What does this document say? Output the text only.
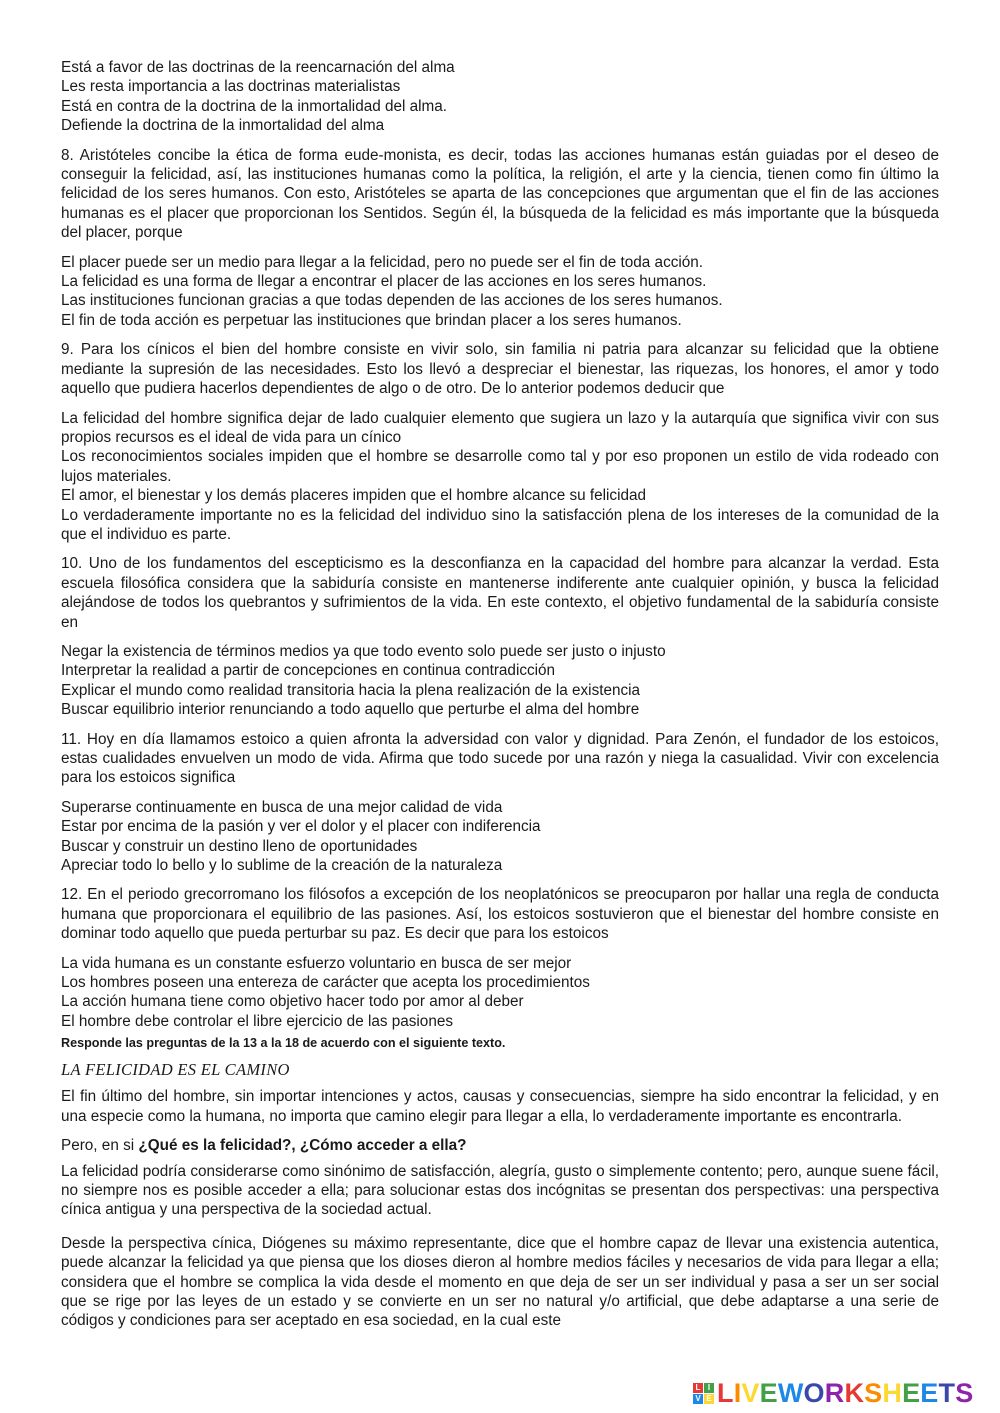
Está a favor de las doctrinas de la reencarnación del alma
Les resta importancia a las doctrinas materialistas
Está en contra de la doctrina de la inmortalidad del alma.
Defiende la doctrina de la inmortalidad del alma
8. Aristóteles concibe la ética de forma eude-monista, es decir, todas las acciones humanas están guiadas por el deseo de conseguir la felicidad, así, las instituciones humanas como la política, la religión, el arte y la ciencia, tienen como fin último la felicidad de los seres humanos. Con esto, Aristóteles se aparta de las concepciones que argumentan que el fin de las acciones humanas es el placer que proporcionan los Sentidos. Según él, la búsqueda de la felicidad es más importante que la búsqueda del placer, porque
El placer puede ser un medio para llegar a la felicidad, pero no puede ser el fin de toda acción.
La felicidad es una forma de llegar a encontrar el placer de las acciones en los seres humanos.
Las instituciones funcionan gracias a que todas dependen de las acciones de los seres humanos.
El fin de toda acción es perpetuar las instituciones que brindan placer a los seres humanos.
9. Para los cínicos el bien del hombre consiste en vivir solo, sin familia ni patria para alcanzar su felicidad que la obtiene mediante la supresión de las necesidades. Esto los llevó a despreciar el bienestar, las riquezas, los honores, el amor y todo aquello que pudiera hacerlos dependientes de algo o de otro. De lo anterior podemos deducir que
La felicidad del hombre significa dejar de lado cualquier elemento que sugiera un lazo y la autarquía que significa vivir con sus propios recursos es el ideal de vida para un cínico
Los reconocimientos sociales impiden que el hombre se desarrolle como tal y por eso proponen un estilo de vida rodeado con lujos materiales.
El amor, el bienestar y los demás placeres impiden que el hombre alcance su felicidad
Lo verdaderamente importante no es la felicidad del individuo sino la satisfacción plena de los intereses de la comunidad de la que el individuo es parte.
10. Uno de los fundamentos del escepticismo es la desconfianza en la capacidad del hombre para alcanzar la verdad. Esta escuela filosófica considera que la sabiduría consiste en mantenerse indiferente ante cualquier opinión, y busca la felicidad alejándose de todos los quebrantos y sufrimientos de la vida. En este contexto, el objetivo fundamental de la sabiduría consiste en
Negar la existencia de términos medios ya que todo evento solo puede ser justo o injusto
Interpretar la realidad a partir de concepciones en continua contradicción
Explicar el mundo como realidad transitoria hacia la plena realización de la existencia
Buscar equilibrio interior renunciando a todo aquello que perturbe el alma del hombre
11. Hoy en día llamamos estoico a quien afronta la adversidad con valor y dignidad. Para Zenón, el fundador de los estoicos, estas cualidades envuelven un modo de vida. Afirma que todo sucede por una razón y niega la casualidad. Vivir con excelencia para los estoicos significa
Superarse continuamente en busca de una mejor calidad de vida
Estar por encima de la pasión y ver el dolor y el placer con indiferencia
Buscar y construir un destino lleno de oportunidades
Apreciar todo lo bello y lo sublime de la creación de la naturaleza
12. En el periodo grecorromano los filósofos a excepción de los neoplatónicos se preocuparon por hallar una regla de conducta humana que proporcionara el equilibrio de las pasiones. Así, los estoicos sostuvieron que el bienestar del hombre consiste en dominar todo aquello que pueda perturbar su paz. Es decir que para los estoicos
La vida humana es un constante esfuerzo voluntario en busca de ser mejor
Los hombres poseen una entereza de carácter que acepta los procedimientos
La acción humana tiene como objetivo hacer todo por amor al deber
El hombre debe controlar el libre ejercicio de las pasiones
Responde las preguntas de la 13 a la 18 de acuerdo con el siguiente texto.
LA FELICIDAD ES EL CAMINO
El fin último del hombre, sin importar intenciones y actos, causas y consecuencias, siempre ha sido encontrar la felicidad, y en una especie como la humana, no importa que camino elegir para llegar a ella, lo verdaderamente importante es encontrarla.
Pero, en si ¿Qué es la felicidad?, ¿Cómo acceder a ella?
La felicidad podría considerarse como sinónimo de satisfacción, alegría, gusto o simplemente contento; pero, aunque suene fácil, no siempre nos es posible acceder a ella; para solucionar estas dos incógnitas se presentan dos perspectivas: una perspectiva cínica antigua y una perspectiva de la sociedad actual.
Desde la perspectiva cínica, Diógenes su máximo representante, dice que el hombre capaz de llevar una existencia autentica, puede alcanzar la felicidad ya que piensa que los dioses dieron al hombre medios fáciles y necesarios de vida para llegar a ella; considera que el hombre se complica la vida desde el momento en que deja de ser un ser individual y pasa a ser un ser social que se rige por las leyes de un estado y se convierte en un ser no natural y/o artificial, que debe adaptarse a una serie de códigos y condiciones para ser aceptado en esa sociedad, en la cual este
L I
V E LIVEWORKSHEETS
